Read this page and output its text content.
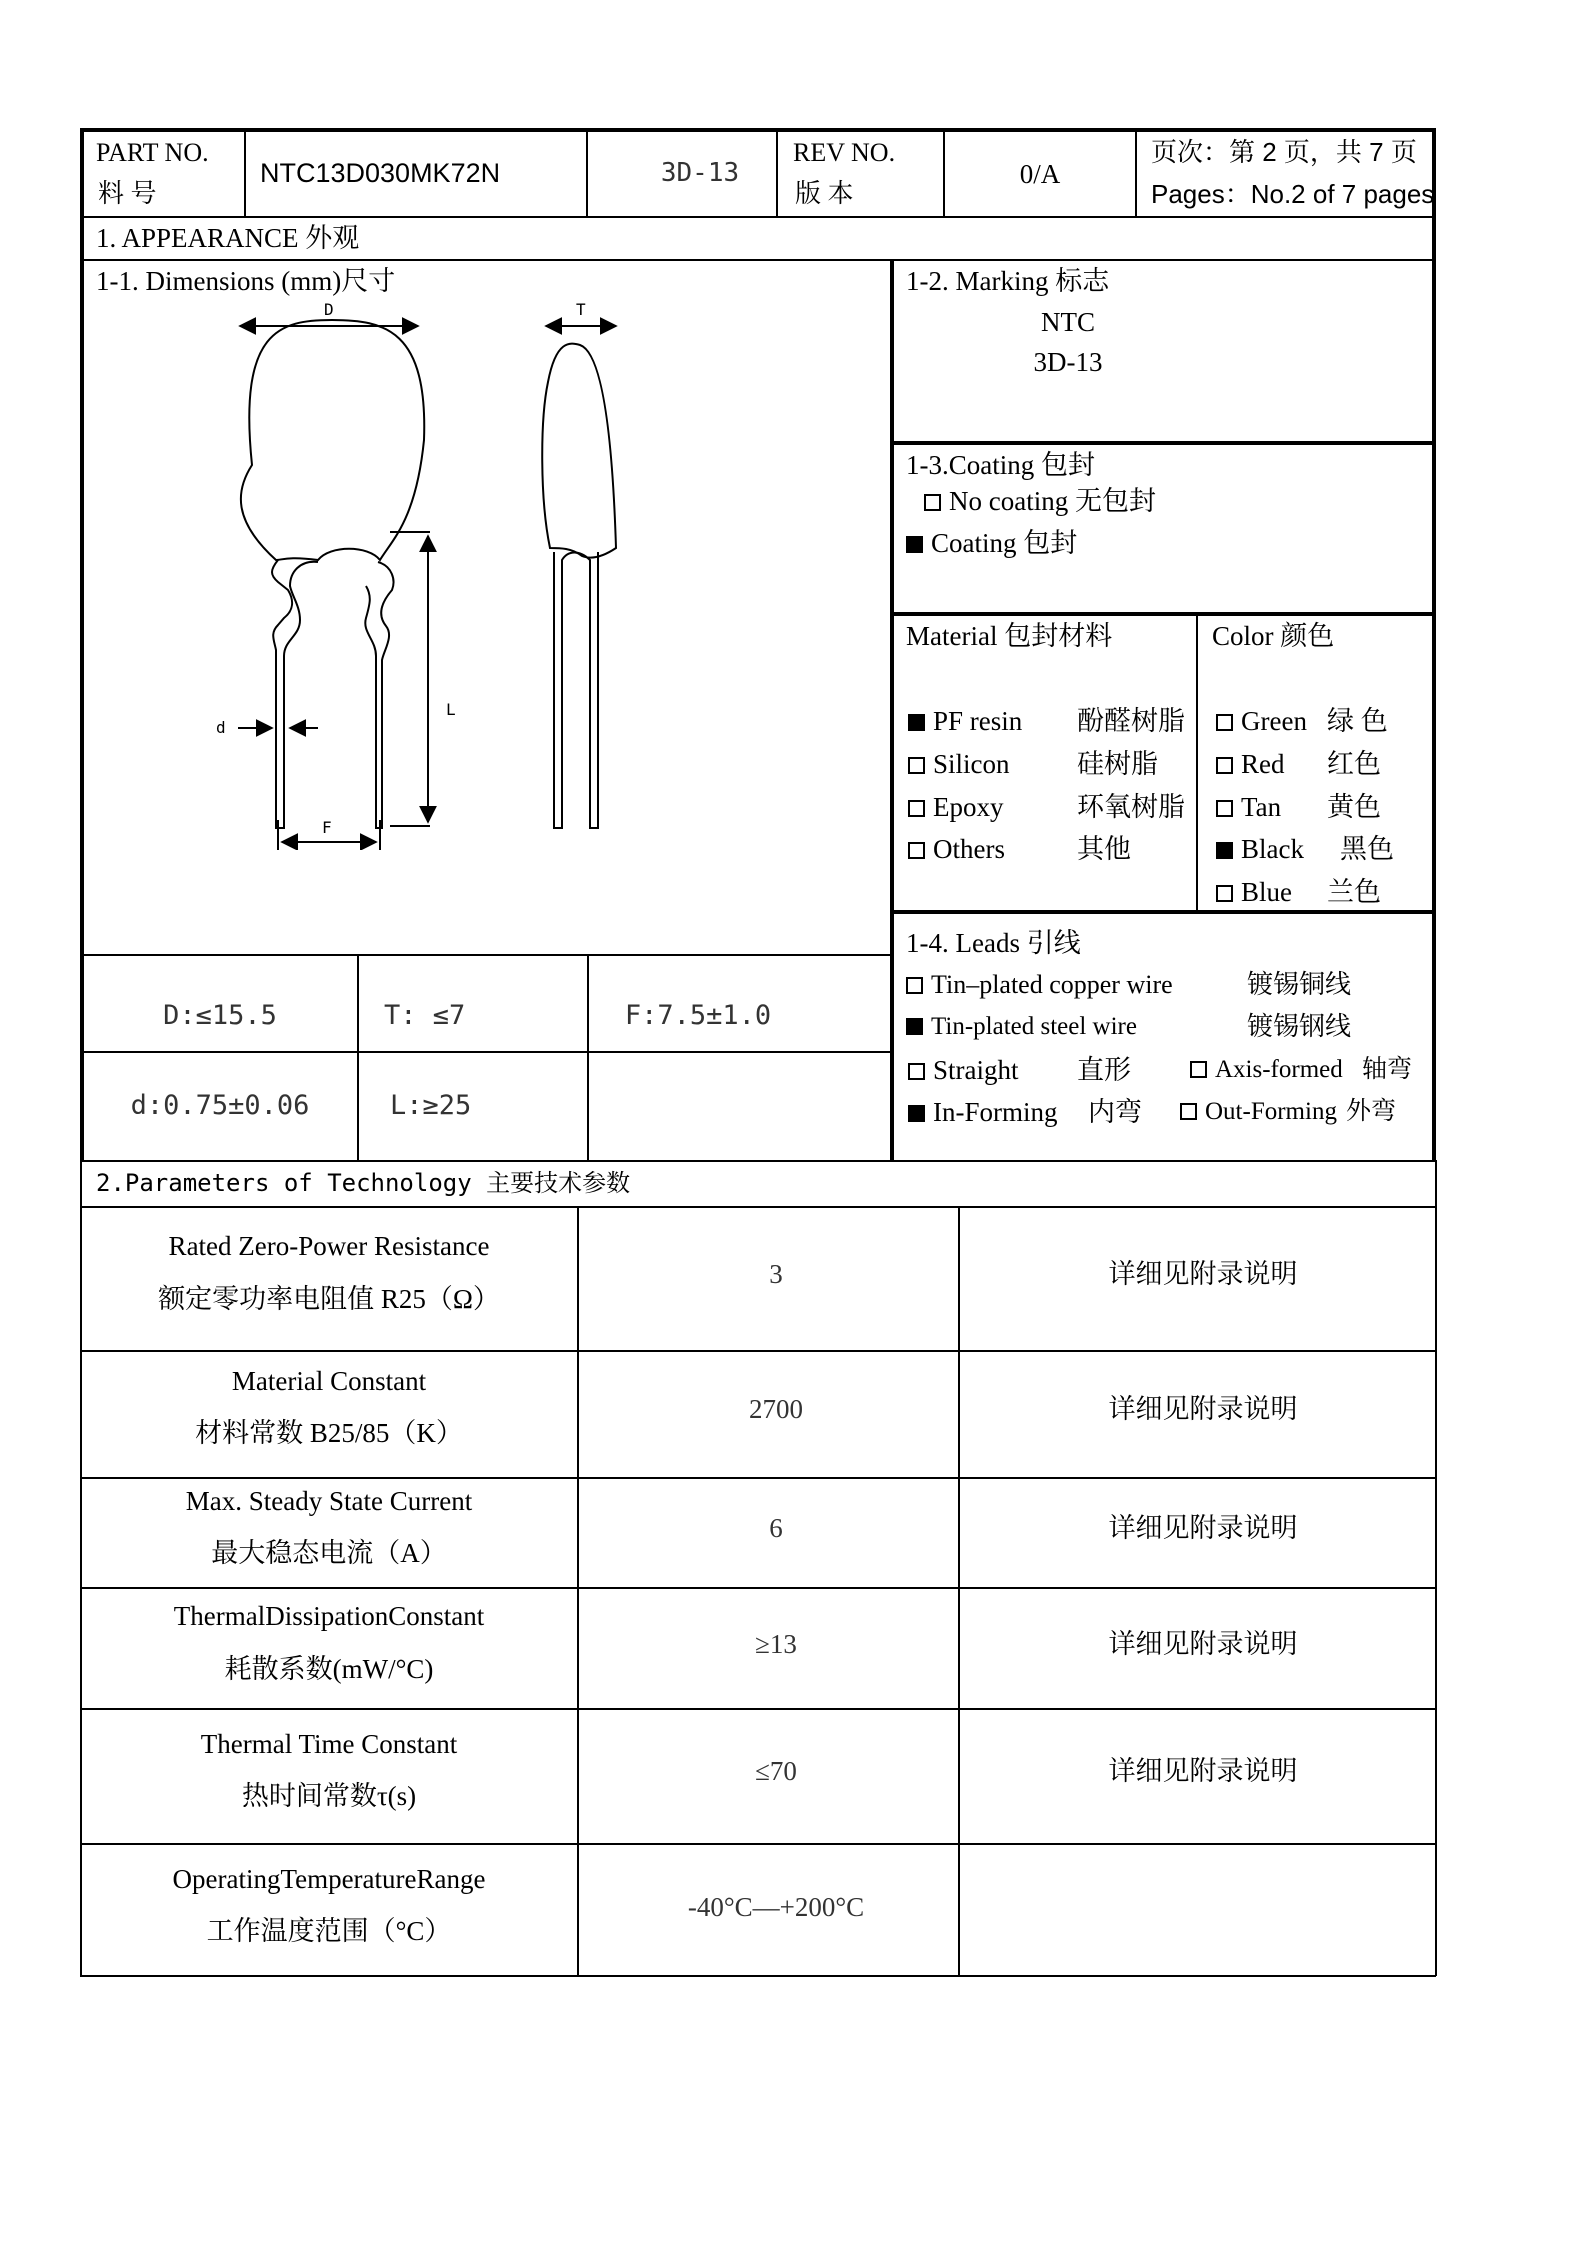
PART NO.
料 号
NTC13D030MK72N	3D-13
REV NO.
版 本
0/A
页次：第 2 页，共 7 页
Pages：No.2 of 7 pages
1. APPEARANCE 外观
1-1. Dimensions (mm)尺寸
D	T
L
d
F
D:≤15.5	T: ≤7	F:7.5±1.0
d:0.75±0.06	L:≥25
1-2. Marking 标志
NTC
3D-13
1-3.Coating 包封
No coating 无包封
Coating 包封
Material 包封材料
PF resin 酚醛树脂
Silicon 硅树脂
Epoxy	环氧树脂
Others	其他
Color 颜色
Green 绿 色
Red 红色
Tan 黄色
Black 黑色
Blue 兰色
1-4. Leads 引线
Tin–plated copper wire	镀锡铜线
Tin-plated steel wire	镀锡钢线
Straight 直形	Axis-formed 轴弯
In-Forming 内弯	Out-Forming 外弯
2.Parameters of Technology 主要技术参数
Rated Zero-Power Resistance
额定零功率电阻值 R25（Ω）
3	详细见附录说明
Material Constant
材料常数 B25/85（K）
2700	详细见附录说明
Max. Steady State Current
最大稳态电流（A）
6	详细见附录说明
ThermalDissipationConstant
耗散系数(mW/°C)
≥13	详细见附录说明
Thermal Time Constant
热时间常数τ(s)
≤70	详细见附录说明
OperatingTemperatureRange
工作温度范围（°C）
-40°C—+200°C
